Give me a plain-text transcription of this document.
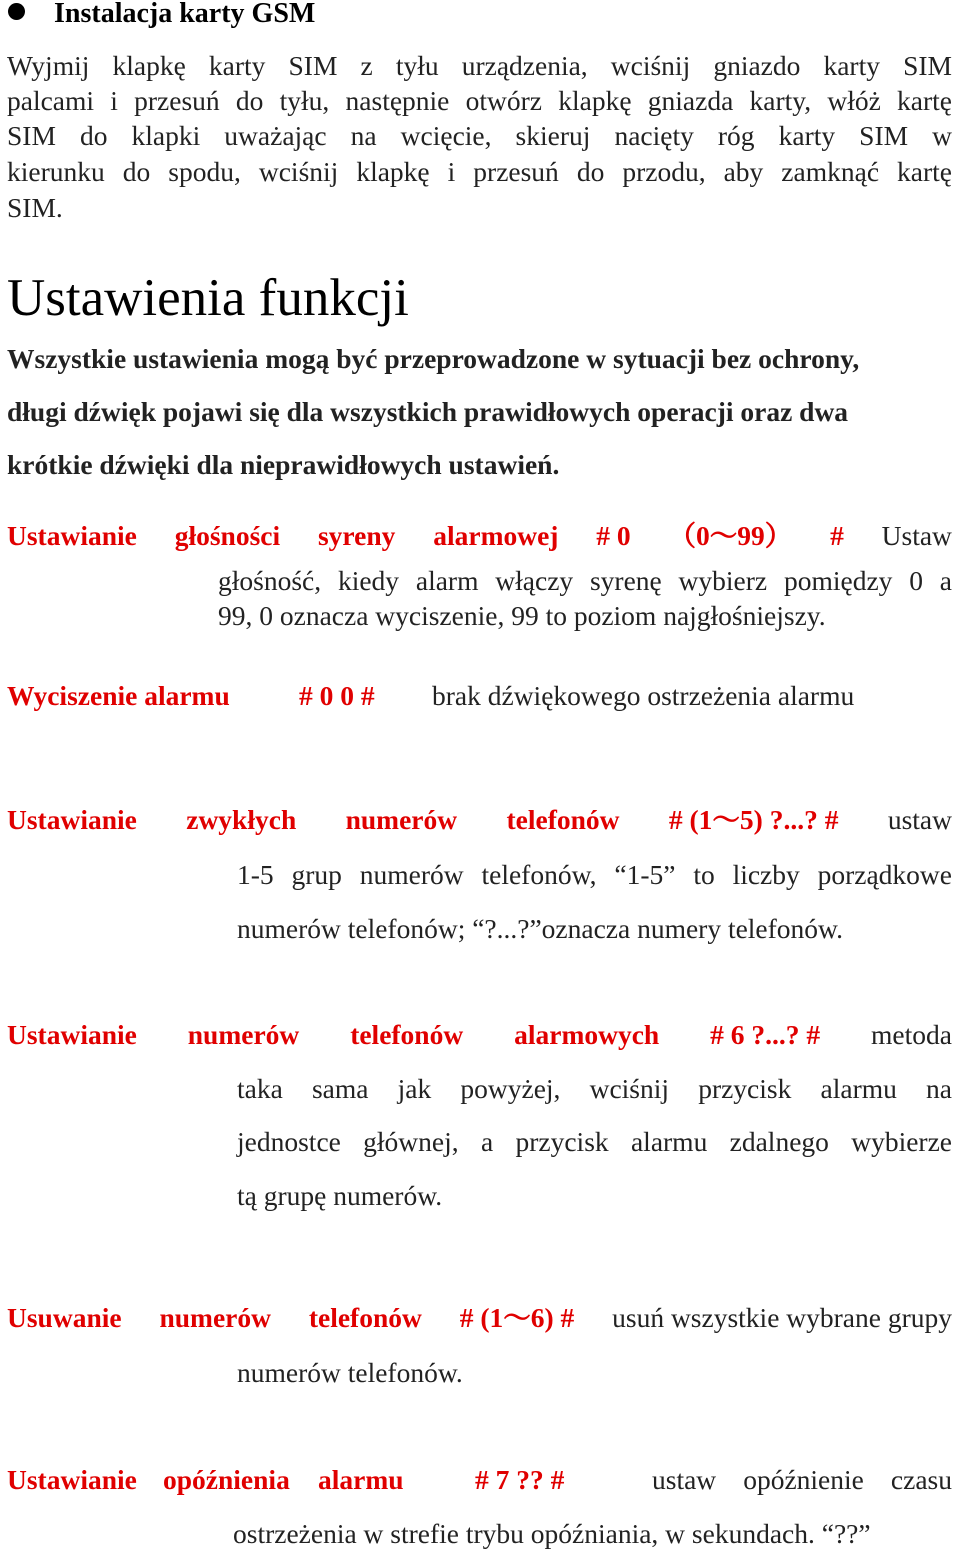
Instalacja karty GSM
Wyjmij klapkę karty SIM z tyłu urządzenia, wciśnij gniazdo karty SIM
palcami i przesuń do tyłu, następnie otwórz klapkę gniazda karty, włóż kartę
SIM do klapki uważając na wcięcie, skieruj nacięty róg karty SIM w
kierunku do spodu, wciśnij klapkę i przesuń do przodu, aby zamknąć kartę
SIM.
Ustawienia funkcji
Wszystkie ustawienia mogą być przeprowadzone w sytuacji bez ochrony,
długi dźwięk pojawi się dla wszystkich prawidłowych operacji oraz dwa
krótkie dźwięki dla nieprawidłowych ustawień.
Ustawianie głośności syreny alarmowej # 0 （0～99） # Ustaw
głośność, kiedy alarm włączy syrenę wybierz pomiędzy 0 a
99, 0 oznacza wyciszenie, 99 to poziom najgłośniejszy.
Wyciszenie alarmu	# 0 0 # brak dźwiękowego ostrzeżenia alarmu
Ustawianie zwykłych numerów telefonów # (1～5) ?...? # ustaw
1-5 grup numerów telefonów, “1-5” to liczby porządkowe
numerów telefonów; “?...?”oznacza numery telefonów.
Ustawianie numerów telefonów alarmowych # 6 ?...? # metoda
taka sama jak powyżej, wciśnij przycisk alarmu na
jednostce głównej, a przycisk alarmu zdalnego wybierze
tą grupę numerów.
Usuwanie numerów telefonów # (1～6) # usuń wszystkie wybrane grupy
numerów telefonów.
Ustawianie opóźnienia alarmu	# 7 ?? #	ustaw opóźnienie czasu
ostrzeżenia w strefie trybu opóźniania, w sekundach. “??”
